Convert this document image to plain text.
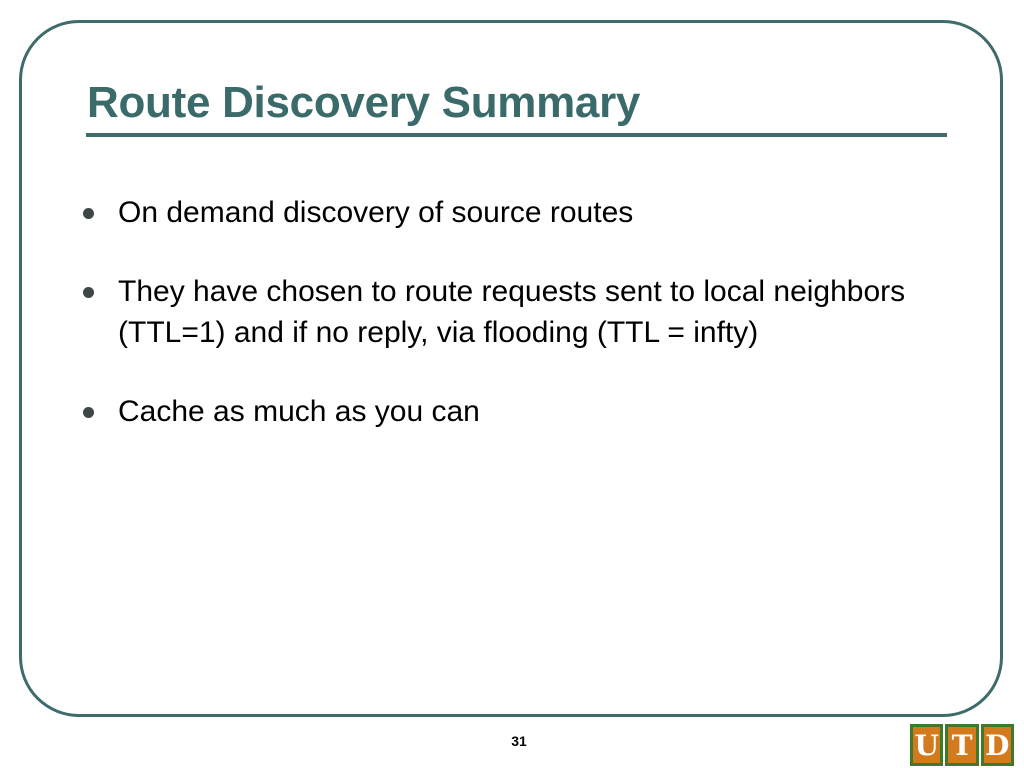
Route Discovery Summary
On demand discovery of source routes
They have chosen to route requests sent to local neighbors (TTL=1) and if no reply, via flooding (TTL = infty)
Cache as much as you can
31	U T D
